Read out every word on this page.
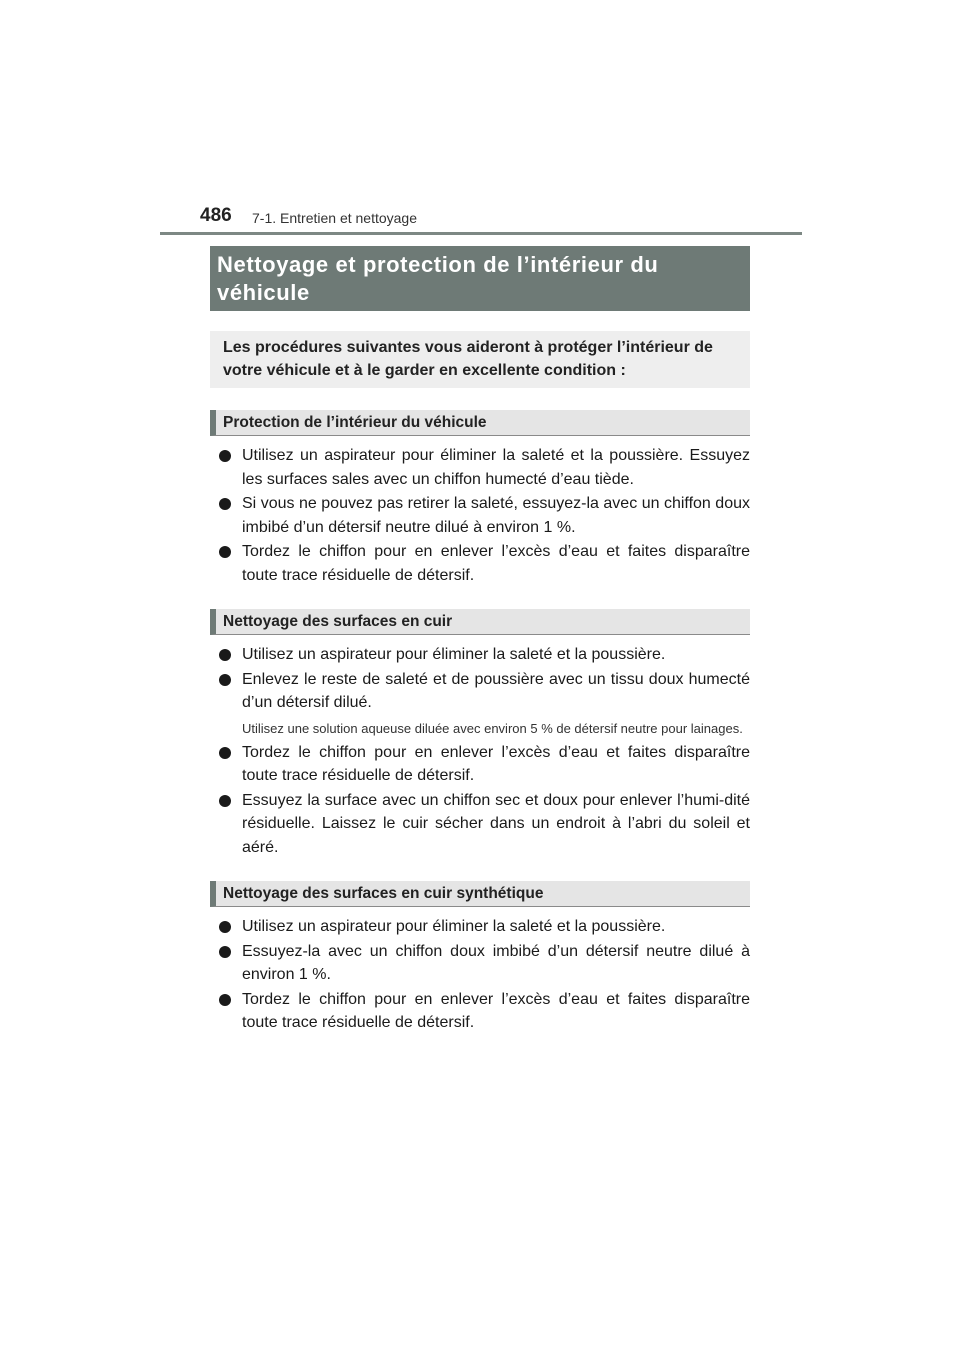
486 7-1. Entretien et nettoyage
Nettoyage et protection de l’intérieur du véhicule
Les procédures suivantes vous aideront à protéger l’intérieur de votre véhicule et à le garder en excellente condition :
Protection de l’intérieur du véhicule
Utilisez un aspirateur pour éliminer la saleté et la poussière. Essuyez les surfaces sales avec un chiffon humecté d’eau tiède.
Si vous ne pouvez pas retirer la saleté, essuyez-la avec un chiffon doux imbibé d’un détersif neutre dilué à environ 1 %.
Tordez le chiffon pour en enlever l’excès d’eau et faites disparaître toute trace résiduelle de détersif.
Nettoyage des surfaces en cuir
Utilisez un aspirateur pour éliminer la saleté et la poussière.
Enlevez le reste de saleté et de poussière avec un tissu doux humecté d’un détersif dilué.
Utilisez une solution aqueuse diluée avec environ 5 % de détersif neutre pour lainages.
Tordez le chiffon pour en enlever l’excès d’eau et faites disparaître toute trace résiduelle de détersif.
Essuyez la surface avec un chiffon sec et doux pour enlever l’humi-dité résiduelle. Laissez le cuir sécher dans un endroit à l’abri du soleil et aéré.
Nettoyage des surfaces en cuir synthétique
Utilisez un aspirateur pour éliminer la saleté et la poussière.
Essuyez-la avec un chiffon doux imbibé d’un détersif neutre dilué à environ 1 %.
Tordez le chiffon pour en enlever l’excès d’eau et faites disparaître toute trace résiduelle de détersif.
